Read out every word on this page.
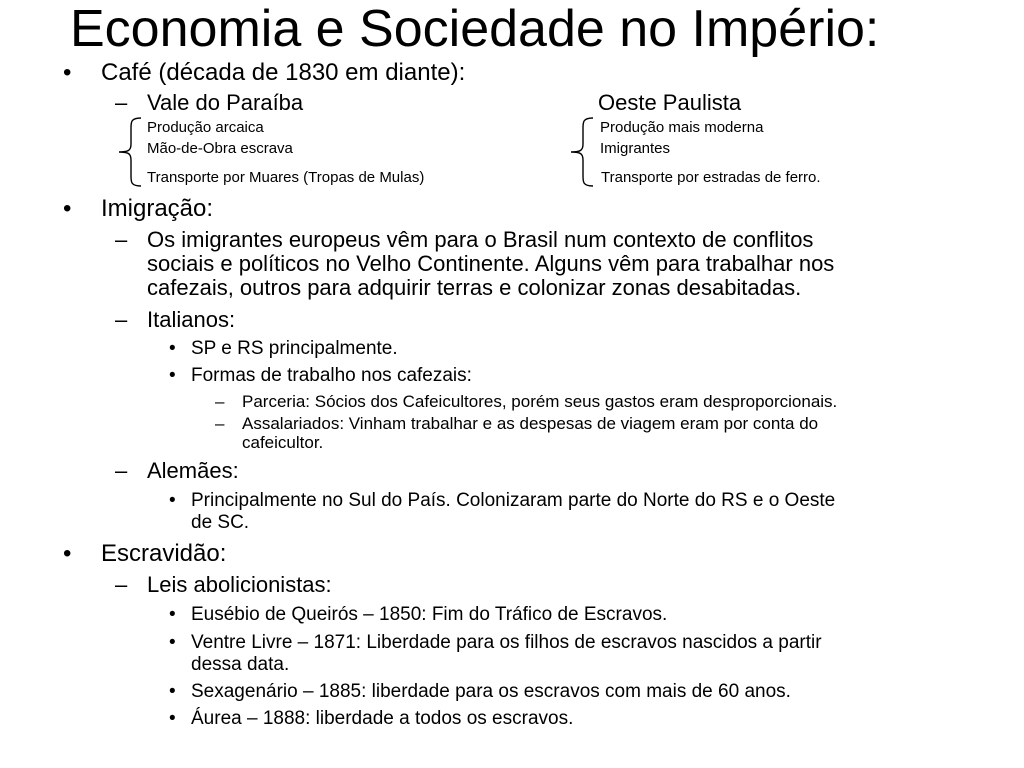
Economia e Sociedade no Império:
• Café (década de 1830 em diante):
– Vale do Paraíba	Oeste Paulista
Produção arcaica
Mão-de-Obra escrava
Transporte por Muares (Tropas de Mulas)
Produção mais moderna
Imigrantes
Transporte por estradas de ferro.
• Imigração:
– Os imigrantes europeus vêm para o Brasil num contexto de conflitos
sociais e políticos no Velho Continente. Alguns vêm para trabalhar nos
cafezais, outros para adquirir terras e colonizar zonas desabitadas.
– Italianos:
• SP e RS principalmente.
• Formas de trabalho nos cafezais:
– Parceria: Sócios dos Cafeicultores, porém seus gastos eram desproporcionais.
– Assalariados: Vinham trabalhar e as despesas de viagem eram por conta do
cafeicultor.
– Alemães:
• Principalmente no Sul do País. Colonizaram parte do Norte do RS e o Oeste
de SC.
• Escravidão:
– Leis abolicionistas:
• Eusébio de Queirós – 1850: Fim do Tráfico de Escravos.
• Ventre Livre – 1871: Liberdade para os filhos de escravos nascidos a partir
dessa data.
• Sexagenário – 1885: liberdade para os escravos com mais de 60 anos.
• Áurea – 1888: liberdade a todos os escravos.
